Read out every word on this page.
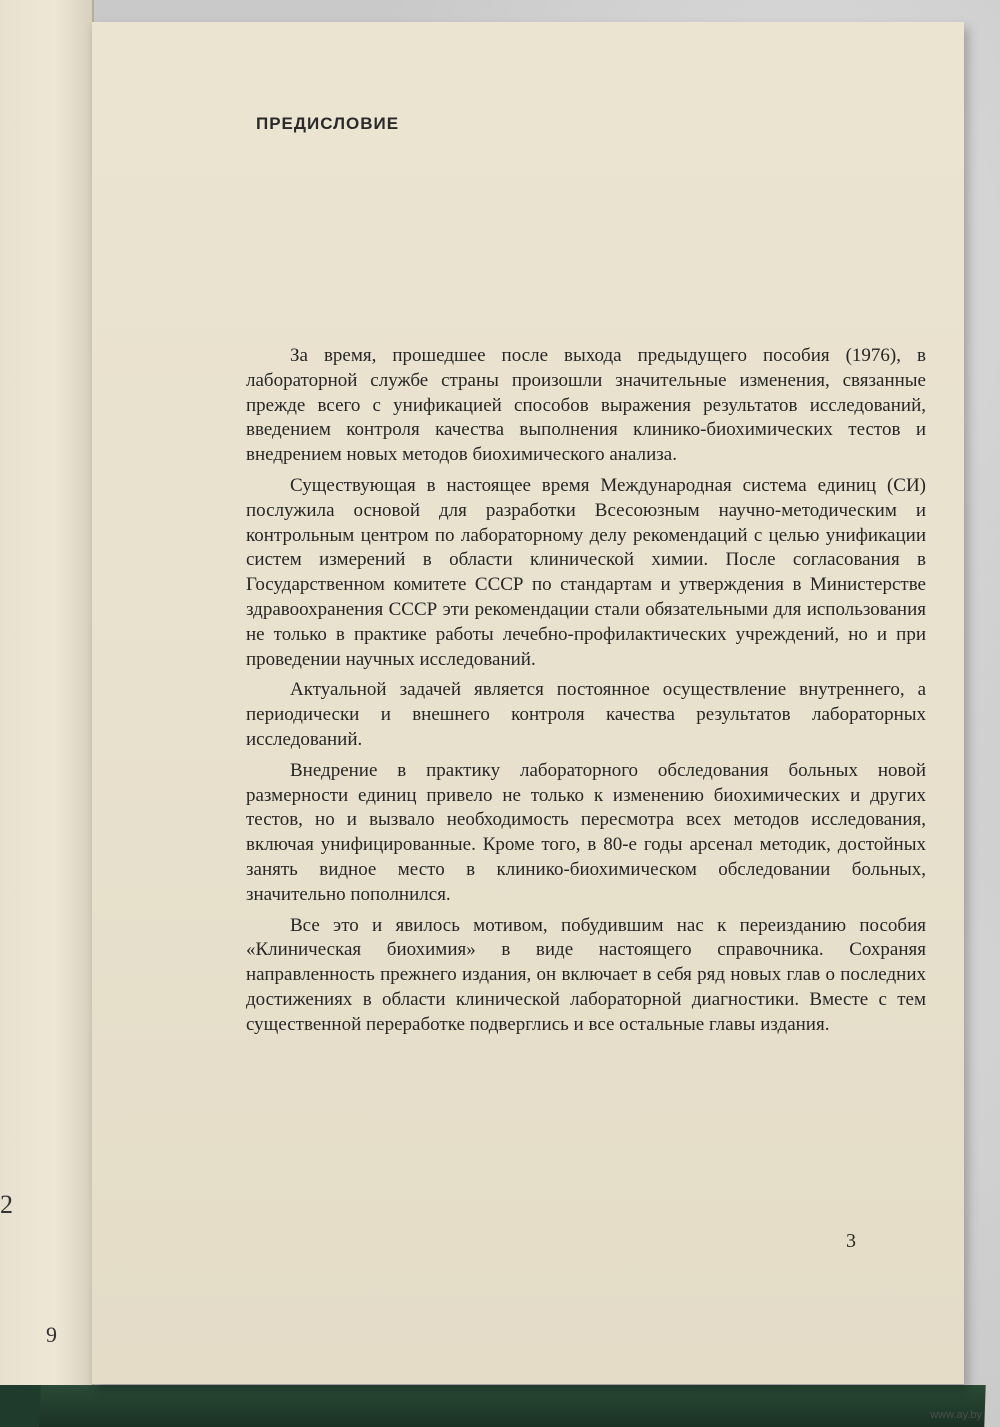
2
9
ПРЕДИСЛОВИЕ

За время, прошедшее после выхода предыдущего пособия (1976), в лабораторной службе страны произошли значительные изменения, связанные прежде всего с унификацией способов выражения результатов исследований, введением контроля качества выполнения клинико-биохимических тестов и внедрением новых методов биохимического анализа.

Существующая в настоящее время Международная система единиц (СИ) послужила основой для разработки Всесоюзным научно-методическим и контрольным центром по лабораторному делу рекомендаций с целью унификации систем измерений в области клинической химии. После согласования в Государственном комитете СССР по стандартам и утверждения в Министерстве здравоохранения СССР эти рекомендации стали обязательными для использования не только в практике работы лечебно-профилактических учреждений, но и при проведении научных исследований.

Актуальной задачей является постоянное осуществление внутреннего, а периодически и внешнего контроля качества результатов лабораторных исследований.

Внедрение в практику лабораторного обследования больных новой размерности единиц привело не только к изменению биохимических и других тестов, но и вызвало необходимость пересмотра всех методов исследования, включая унифицированные. Кроме того, в 80-е годы арсенал методик, достойных занять видное место в клинико-биохимическом обследовании больных, значительно пополнился.

Все это и явилось мотивом, побудившим нас к переизданию пособия «Клиническая биохимия» в виде настоящего справочника. Сохраняя направленность прежнего издания, он включает в себя ряд новых глав о последних достижениях в области клинической лабораторной диагностики. Вместе с тем существенной переработке подверглись и все остальные главы издания.

3
www.ay.by
